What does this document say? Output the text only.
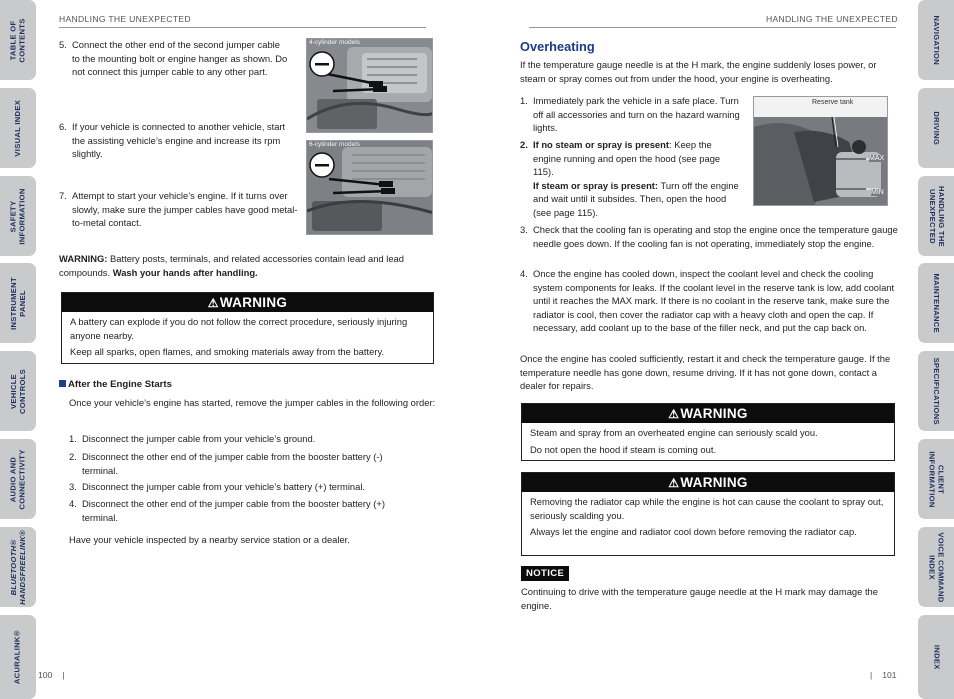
TABLE OF
CONTENTS
VISUAL INDEX
SAFETY
INFORMATION
INSTRUMENT
PANEL
VEHICLE
CONTROLS
AUDIO AND
CONNECTIVITY
BLUETOOTH®
HANDSFREELINK®
ACURALINK®
NAVIGATION
DRIVING
HANDLING THE
UNEXPECTED
MAINTENANCE
SPECIFICATIONS
CLIENT
INFORMATION
VOICE COMMAND
INDEX
INDEX
HANDLING THE UNEXPECTED
5. Connect the other end of the second jumper cable to the mounting bolt or engine hanger as shown. Do not connect this jumper cable to any other part.
4-cylinder models
6. If your vehicle is connected to another vehicle, start the assisting vehicle’s engine and increase its rpm slightly.
6-cylinder models
7. Attempt to start your vehicle’s engine. If it turns over slowly, make sure the jumper cables have good metal-to-metal contact.
WARNING: Battery posts, terminals, and related accessories contain lead and lead compounds. Wash your hands after handling.
⚠WARNING

A battery can explode if you do not follow the correct procedure, seriously injuring anyone nearby.

Keep all sparks, open flames, and smoking materials away from the battery.

After the Engine Starts
Once your vehicle’s engine has started, remove the jumper cables in the following order:
1. Disconnect the jumper cable from your vehicle’s ground.
2. Disconnect the other end of the jumper cable from the booster battery (-) terminal.
3. Disconnect the jumper cable from your vehicle’s battery (+) terminal.
4. Disconnect the other end of the jumper cable from the booster battery (+) terminal.
Have your vehicle inspected by a nearby service station or a dealer.
100 |
HANDLING THE UNEXPECTED
Overheating
If the temperature gauge needle is at the H mark, the engine suddenly loses power, or steam or spray comes out from under the hood, your engine is overheating.
Reserve tank
MAX
MIN
1. Immediately park the vehicle in a safe place. Turn off all accessories and turn on the hazard warning lights.
2. If no steam or spray is present: Keep the engine running and open the hood (see page 115).
If steam or spray is present: Turn off the engine and wait until it subsides. Then, open the hood (see page 115).
3. Check that the cooling fan is operating and stop the engine once the temperature gauge needle goes down. If the cooling fan is not operating, immediately stop the engine.
4. Once the engine has cooled down, inspect the coolant level and check the cooling system components for leaks. If the coolant level in the reserve tank is low, add coolant until it reaches the MAX mark. If there is no coolant in the reserve tank, make sure the radiator is cool, then cover the radiator cap with a heavy cloth and open the cap. If necessary, add coolant up to the base of the filler neck, and put the cap back on.
Once the engine has cooled sufficiently, restart it and check the temperature gauge. If the temperature needle has gone down, resume driving. If it has not gone down, contact a dealer for repairs.
⚠WARNING

Steam and spray from an overheated engine can seriously scald you.

Do not open the hood if steam is coming out.

⚠WARNING

Removing the radiator cap while the engine is hot can cause the coolant to spray out, seriously scalding you.

Always let the engine and radiator cool down before removing the radiator cap.

NOTICE
Continuing to drive with the temperature gauge needle at the H mark may damage the engine.
| 101
